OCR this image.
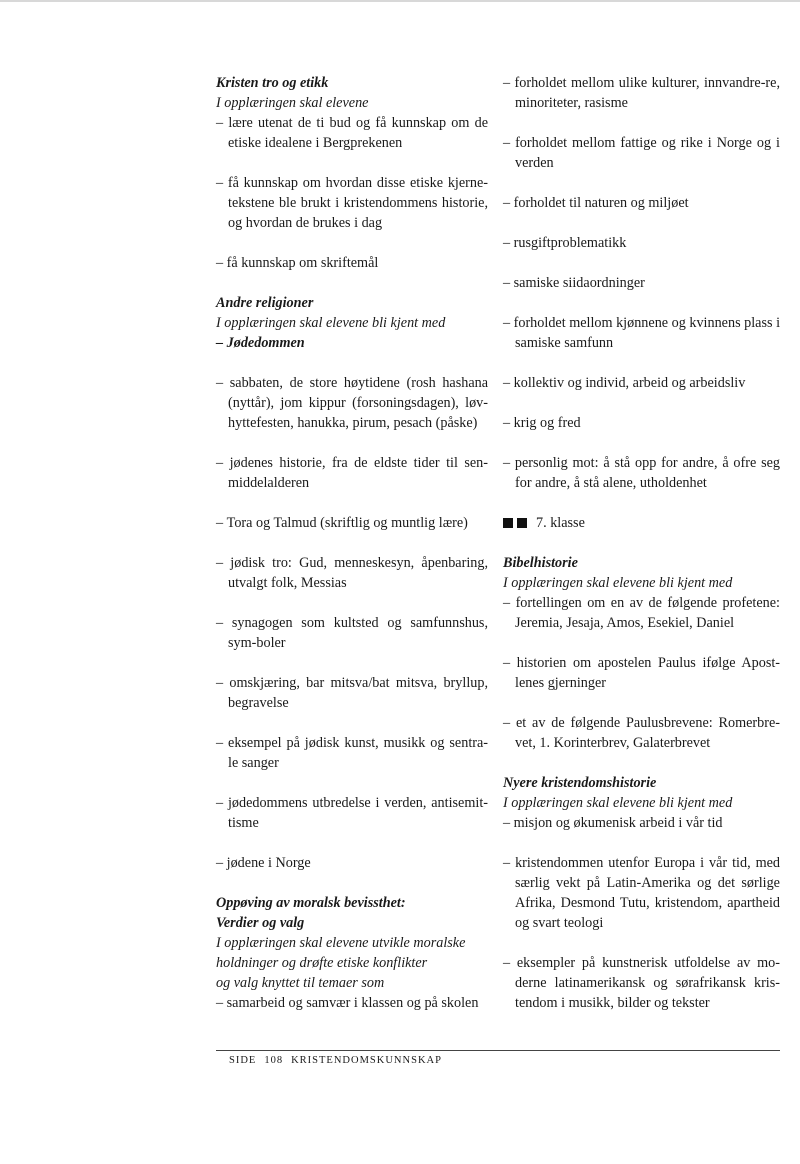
Kristen tro og etikk
I opplæringen skal elevene
– lære utenat de ti bud og få kunnskap om de etiske idealene i Bergprekenen
– få kunnskap om hvordan disse etiske kjerne-tekstene ble brukt i kristendommens historie, og hvordan de brukes i dag
– få kunnskap om skriftemål
Andre religioner
I opplæringen skal elevene bli kjent med
– Jødedommen
– sabbaten, de store høytidene (rosh hashana (nyttår), jom kippur (forsoningsdagen), løv-hyttefesten, hanukka, pirum, pesach (påske)
– jødenes historie, fra de eldste tider til sen-middelalderen
– Tora og Talmud (skriftlig og muntlig lære)
– jødisk tro: Gud, menneskesyn, åpenbaring, utvalgt folk, Messias
– synagogen som kultsted og samfunnshus, sym-boler
– omskjæring, bar mitsva/bat mitsva, bryllup, begravelse
– eksempel på jødisk kunst, musikk og sentra-le sanger
– jødedommens utbredelse i verden, antisemit-tisme
– jødene i Norge
Oppøving av moralsk bevissthet:
Verdier og valg
I opplæringen skal elevene utvikle moralske
holdninger og drøfte etiske konflikter
og valg knyttet til temaer som
– samarbeid og samvær i klassen og på skolen
– forholdet mellom ulike kulturer, innvandre-re, minoriteter, rasisme
– forholdet mellom fattige og rike i Norge og i verden
– forholdet til naturen og miljøet
– rusgiftproblematikk
– samiske siidaordninger
– forholdet mellom kjønnene og kvinnens plass i samiske samfunn
– kollektiv og individ, arbeid og arbeidsliv
– krig og fred
– personlig mot: å stå opp for andre, å ofre seg for andre, å stå alene, utholdenhet
7. klasse
Bibelhistorie
I opplæringen skal elevene bli kjent med
– fortellingen om en av de følgende profetene: Jeremia, Jesaja, Amos, Esekiel, Daniel
– historien om apostelen Paulus ifølge Apost-lenes gjerninger
– et av de følgende Paulusbrevene: Romerbre-vet, 1. Korinterbrev, Galaterbrevet
Nyere kristendomshistorie
I opplæringen skal elevene bli kjent med
– misjon og økumenisk arbeid i vår tid
– kristendommen utenfor Europa i vår tid, med særlig vekt på Latin-Amerika og det sørlige Afrika, Desmond Tutu, kristendom, apartheid og svart teologi
– eksempler på kunstnerisk utfoldelse av mo-derne latinamerikansk og sørafrikansk kris-tendom i musikk, bilder og tekster
SIDE 108 KRISTENDOMSKUNNSKAP
